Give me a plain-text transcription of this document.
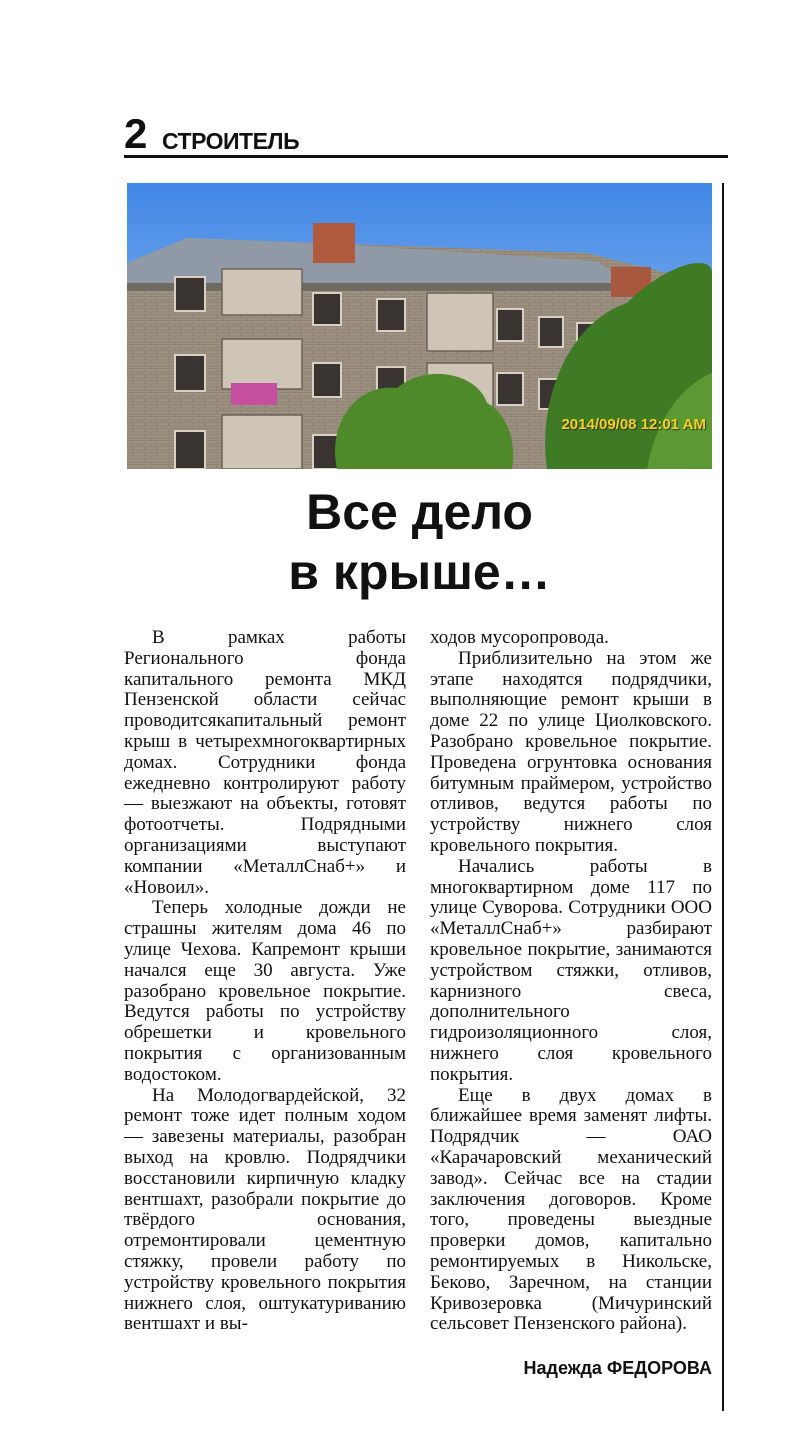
2 СТРОИТЕЛЬ
2014/09/08 12:01 AM
Все дело
в крыше…

В рамках работы Регионального фонда капитального ремонта МКД Пензенской области сейчас проводитсякапитальный ремонт крыш в четырехмногоквартирных домах. Сотрудники фонда ежедневно контролируют работу — выезжают на объекты, готовят фотоотчеты. Подрядными организациями выступают компании «МеталлСнаб+» и «Новоил».

Теперь холодные дожди не страшны жителям дома 46 по улице Чехова. Капремонт крыши начался еще 30 августа. Уже разобрано кровельное покрытие. Ведутся работы по устройству обрешетки и кровельного покрытия с организованным водостоком.

На Молодогвардейской, 32 ремонт тоже идет полным ходом — завезены материалы, разобран выход на кровлю. Подрядчики восстановили кирпичную кладку вентшахт, разобрали покрытие до твёрдого основания, отремонтировали цементную стяжку, провели работу по устройству кровельного покрытия нижнего слоя, оштукатуриванию вентшахт и вы-

ходов мусоропровода.

Приблизительно на этом же этапе находятся подрядчики, выполняющие ремонт крыши в доме 22 по улице Циолковского. Разобрано кровельное покрытие. Проведена огрунтовка основания битумным праймером, устройство отливов, ведутся работы по устройству нижнего слоя кровельного покрытия.

Начались работы в многоквартирном доме 117 по улице Суворова. Сотрудники ООО «МеталлСнаб+» разбирают кровельное покрытие, занимаются устройством стяжки, отливов, карнизного свеса, дополнительного гидроизоляционного слоя, нижнего слоя кровельного покрытия.

Еще в двух домах в ближайшее время заменят лифты. Подрядчик — ОАО «Карачаровский механический завод». Сейчас все на стадии заключения договоров. Кроме того, проведены выездные проверки домов, капитально ремонтируемых в Никольске, Беково, Заречном, на станции Кривозеровка (Мичуринский сельсовет Пензенского района).

Надежда ФЕДОРОВА
